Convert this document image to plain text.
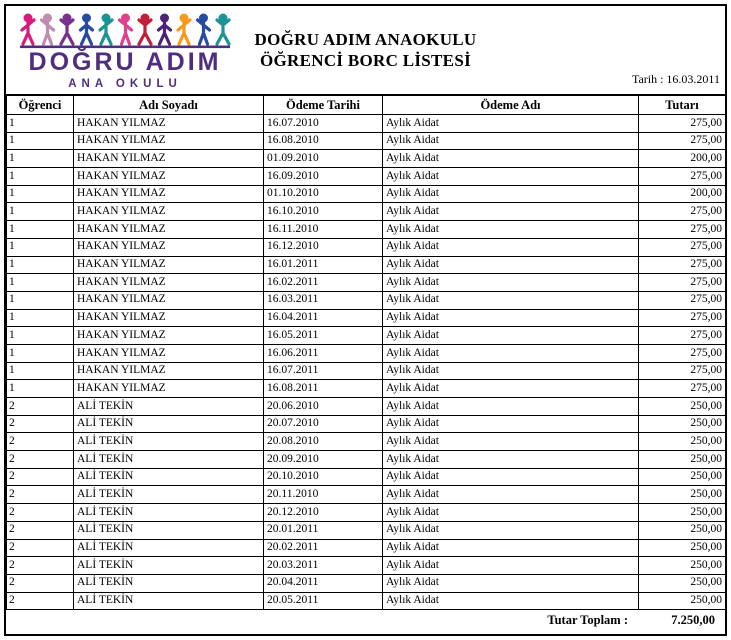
DOĞRU ADIM
ANA OKULU
DOĞRU ADIM ANAOKULU
ÖĞRENCİ BORC LİSTESİ
Tarih : 16.03.2011
Öğrenci	Adı Soyadı	Ödeme Tarihi	Ödeme Adı	Tutarı
1	HAKAN YILMAZ	16.07.2010	Aylık Aidat	275,00
1	HAKAN YILMAZ	16.08.2010	Aylık Aidat	275,00
1	HAKAN YILMAZ	01.09.2010	Aylık Aidat	200,00
1	HAKAN YILMAZ	16.09.2010	Aylık Aidat	275,00
1	HAKAN YILMAZ	01.10.2010	Aylık Aidat	200,00
1	HAKAN YILMAZ	16.10.2010	Aylık Aidat	275,00
1	HAKAN YILMAZ	16.11.2010	Aylık Aidat	275,00
1	HAKAN YILMAZ	16.12.2010	Aylık Aidat	275,00
1	HAKAN YILMAZ	16.01.2011	Aylık Aidat	275,00
1	HAKAN YILMAZ	16.02.2011	Aylık Aidat	275,00
1	HAKAN YILMAZ	16.03.2011	Aylık Aidat	275,00
1	HAKAN YILMAZ	16.04.2011	Aylık Aidat	275,00
1	HAKAN YILMAZ	16.05.2011	Aylık Aidat	275,00
1	HAKAN YILMAZ	16.06.2011	Aylık Aidat	275,00
1	HAKAN YILMAZ	16.07.2011	Aylık Aidat	275,00
1	HAKAN YILMAZ	16.08.2011	Aylık Aidat	275,00
2	ALİ TEKİN	20.06.2010	Aylık Aidat	250,00
2	ALİ TEKİN	20.07.2010	Aylık Aidat	250,00
2	ALİ TEKİN	20.08.2010	Aylık Aidat	250,00
2	ALİ TEKİN	20.09.2010	Aylık Aidat	250,00
2	ALİ TEKİN	20.10.2010	Aylık Aidat	250,00
2	ALİ TEKİN	20.11.2010	Aylık Aidat	250,00
2	ALİ TEKİN	20.12.2010	Aylık Aidat	250,00
2	ALİ TEKİN	20.01.2011	Aylık Aidat	250,00
2	ALİ TEKİN	20.02.2011	Aylık Aidat	250,00
2	ALİ TEKİN	20.03.2011	Aylık Aidat	250,00
2	ALİ TEKİN	20.04.2011	Aylık Aidat	250,00
2	ALİ TEKİN	20.05.2011	Aylık Aidat	250,00
Tutar Toplam :	7.250,00
